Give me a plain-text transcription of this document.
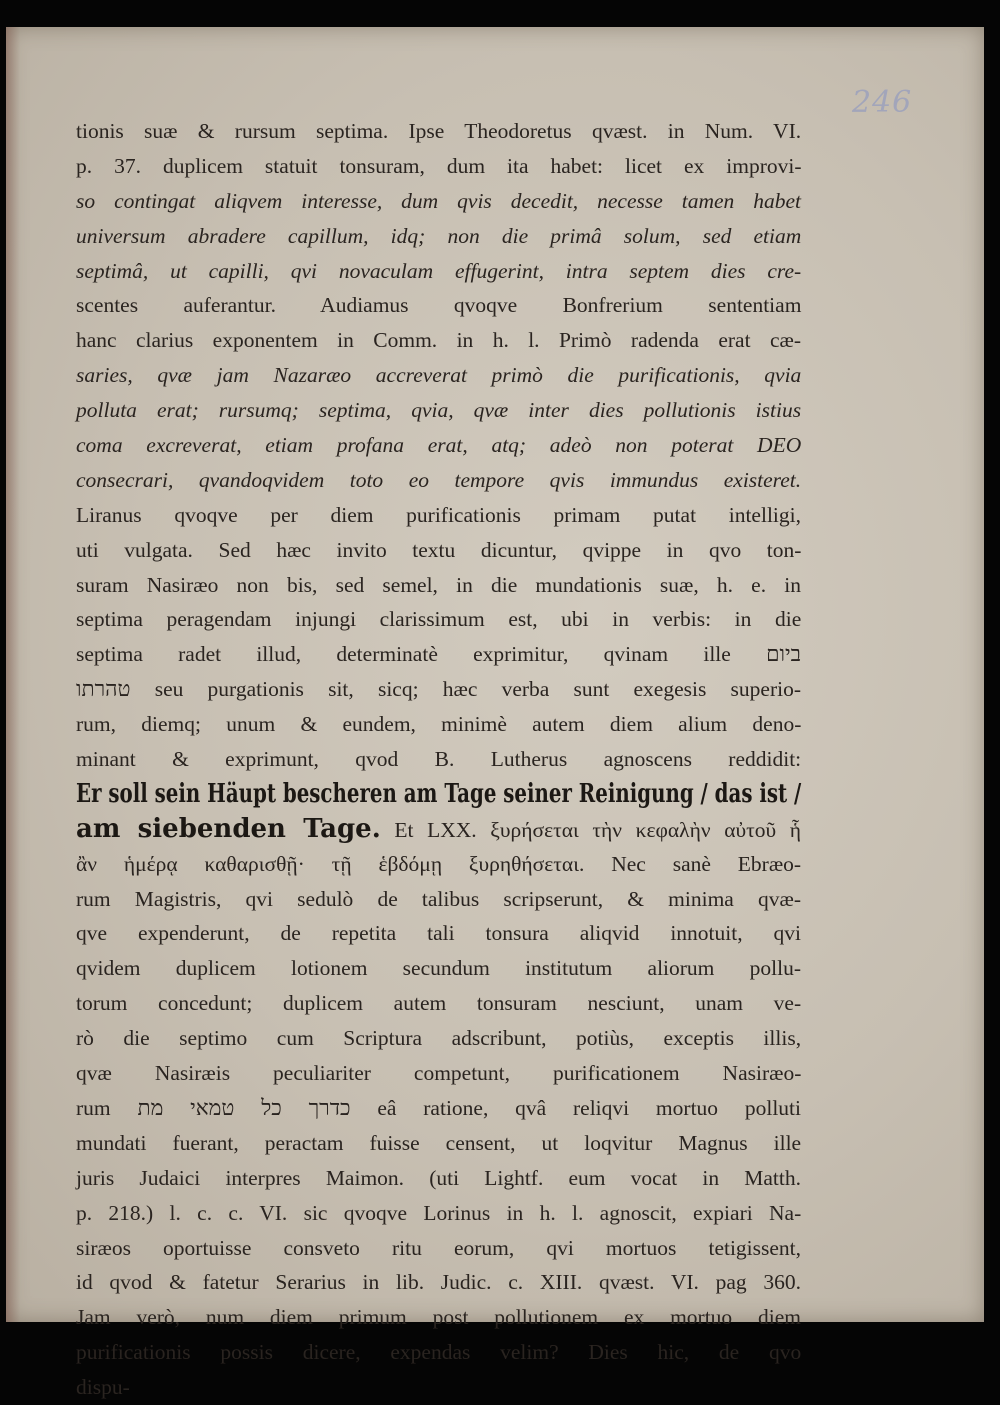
246
tionis suæ & rursum septima. Ipse Theodoretus qvæst. in Num. VI.
p. 37. duplicem statuit tonsuram, dum ita habet: licet ex improvi-
so contingat aliqvem interesse, dum qvis decedit, necesse tamen habet
universum abradere capillum, idq; non die primâ solum, sed etiam
septimâ, ut capilli, qvi novaculam effugerint, intra septem dies cre-
scentes auferantur. Audiamus qvoqve Bonfrerium sententiam
hanc clarius exponentem in Comm. in h. l. Primò radenda erat cæ-
saries, qvæ jam Nazaræo accreverat primò die purificationis, qvia
polluta erat; rursumq; septima, qvia, qvæ inter dies pollutionis istius
coma excreverat, etiam profana erat, atq; adeò non poterat DEO
consecrari, qvandoqvidem toto eo tempore qvis immundus existeret.
Liranus qvoqve per diem purificationis primam putat intelligi,
uti vulgata. Sed hæc invito textu dicuntur, qvippe in qvo ton-
suram Nasiræo non bis, sed semel, in die mundationis suæ, h. e. in
septima peragendam injungi clarissimum est, ubi in verbis: in die
septima radet illud, determinatè exprimitur, qvinam ille ביום
טהרתו seu purgationis sit, sicq; hæc verba sunt exegesis superio-
rum, diemq; unum & eundem, minimè autem diem alium deno-
minant & exprimunt, qvod B. Lutherus agnoscens reddidit:
Er soll sein Häupt bescheren am Tage seiner Reinigung / das ist /
am siebenden Tage. Et LXX. ξυρήσεται τὴν κεφαλὴν αὐτοῦ ἧ
ἂν ἡμέρᾳ καθαρισθῇ· τῇ ἑβδόμῃ ξυρηθήσεται. Nec sanè Ebræo-
rum Magistris, qvi sedulò de talibus scripserunt, & minima qvæ-
qve expenderunt, de repetita tali tonsura aliqvid innotuit, qvi
qvidem duplicem lotionem secundum institutum aliorum pollu-
torum concedunt; duplicem autem tonsuram nesciunt, unam ve-
rò die septimo cum Scriptura adscribunt, potiùs, exceptis illis,
qvæ Nasiræis peculiariter competunt, purificationem Nasiræo-
rum כדרך כל טמאי מת eâ ratione, qvâ reliqvi mortuo polluti
mundati fuerant, peractam fuisse censent, ut loqvitur Magnus ille
juris Judaici interpres Maimon. (uti Lightf. eum vocat in Matth.
p. 218.) l. c. c. VI. sic qvoqve Lorinus in h. l. agnoscit, expiari Na-
siræos oportuisse consveto ritu eorum, qvi mortuos tetigissent,
id qvod & fatetur Serarius in lib. Judic. c. XIII. qvæst. VI. pag 360.
Jam verò, num diem primum post pollutionem ex mortuo diem
purificationis possis dicere, expendas velim? Dies hic, de qvo
dispu-
